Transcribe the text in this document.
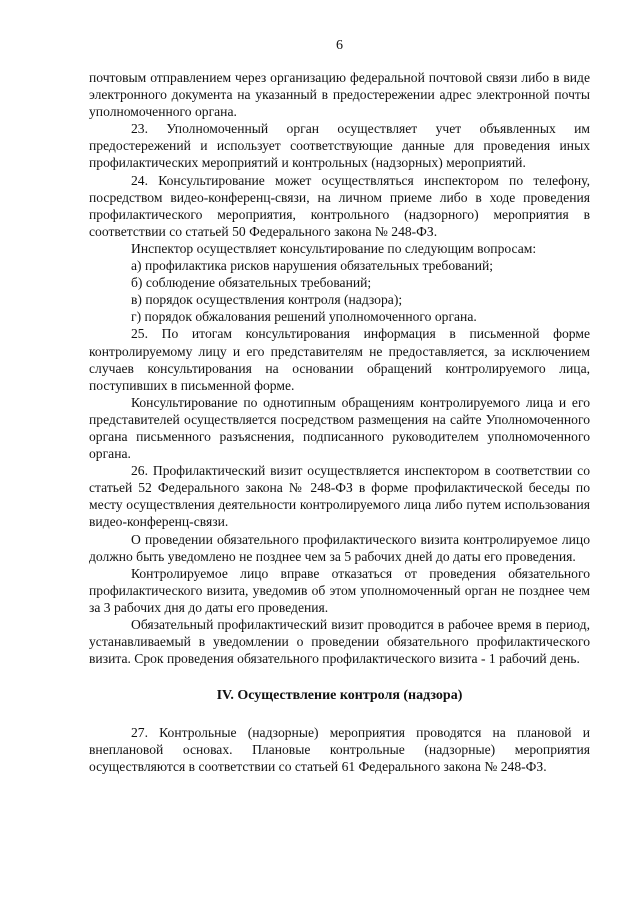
6

почтовым отправлением через организацию федеральной почтовой связи либо в виде электронного документа на указанный в предостережении адрес электронной почты уполномоченного органа.

23. Уполномоченный орган осуществляет учет объявленных им предостережений и использует соответствующие данные для проведения иных профилактических мероприятий и контрольных (надзорных) мероприятий.

24. Консультирование может осуществляться инспектором по телефону, посредством видео-конференц-связи, на личном приеме либо в ходе проведения профилактического мероприятия, контрольного (надзорного) мероприятия в соответствии со статьей 50 Федерального закона № 248-ФЗ.

Инспектор осуществляет консультирование по следующим вопросам:

а) профилактика рисков нарушения обязательных требований;

б) соблюдение обязательных требований;

в) порядок осуществления контроля (надзора);

г) порядок обжалования решений уполномоченного органа.

25. По итогам консультирования информация в письменной форме контролируемому лицу и его представителям не предоставляется, за исключением случаев консультирования на основании обращений контролируемого лица, поступивших в письменной форме.

Консультирование по однотипным обращениям контролируемого лица и его представителей осуществляется посредством размещения на сайте Уполномоченного органа письменного разъяснения, подписанного руководителем уполномоченного органа.

26. Профилактический визит осуществляется инспектором в соответствии со статьей 52 Федерального закона № 248-ФЗ в форме профилактической беседы по месту осуществления деятельности контролируемого лица либо путем использования видео-конференц-связи.

О проведении обязательного профилактического визита контролируемое лицо должно быть уведомлено не позднее чем за 5 рабочих дней до даты его проведения.

Контролируемое лицо вправе отказаться от проведения обязательного профилактического визита, уведомив об этом уполномоченный орган не позднее чем за 3 рабочих дня до даты его проведения.

Обязательный профилактический визит проводится в рабочее время в период, устанавливаемый в уведомлении о проведении обязательного профилактического визита. Срок проведения обязательного профилактического визита - 1 рабочий день.

IV. Осуществление контроля (надзора)

27. Контрольные (надзорные) мероприятия проводятся на плановой и внеплановой основах. Плановые контрольные (надзорные) мероприятия осуществляются в соответствии со статьей 61 Федерального закона № 248-ФЗ.
